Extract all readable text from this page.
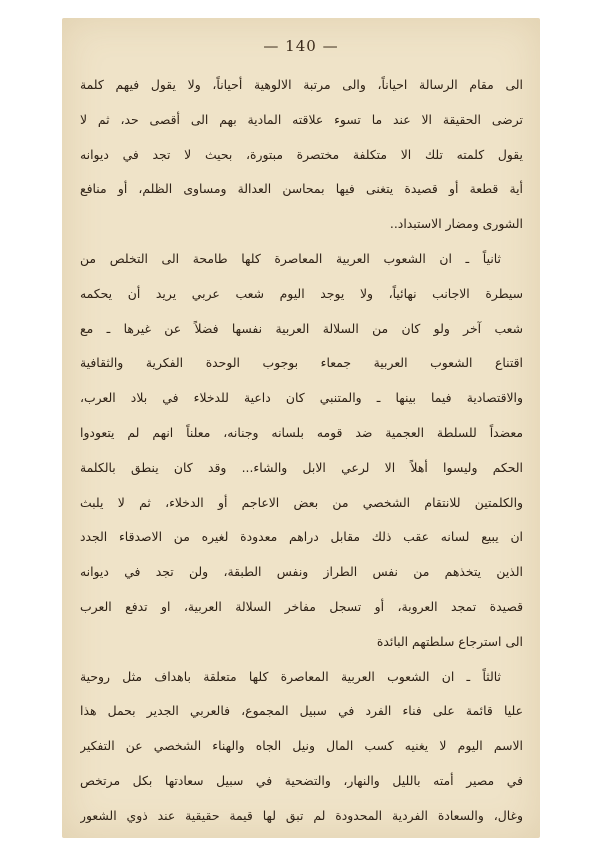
— 140 —
الى مقام الرسالة احياناً، والى مرتبة الالوهية أحياناً، ولا يقول فيهم كلمة
ترضى الحقيقة الا عند ما تسوء علاقته المادية بهم الى أقصى حد، ثم لا
يقول كلمته تلك الا متكلفة مختصرة مبتورة، بحيث لا تجد في ديوانه
أية قطعة أو قصيدة يتغنى فيها بمحاسن العدالة ومساوى الظلم، أو منافع
الشورى ومضار الاستبداد..
ثانياً ـ ان الشعوب العربية المعاصرة كلها طامحة الى التخلص من
سيطرة الاجانب نهائياً، ولا يوجد اليوم شعب عربي يريد أن يحكمه
شعب آخر ولو كان من السلالة العربية نفسها فضلاً عن غيرها ـ مع
اقتناع الشعوب العربية جمعاء بوجوب الوحدة الفكرية والثقافية
والاقتصادية فيما بينها ـ والمتنبي كان داعية للدخلاء في بلاد العرب،
معضداً للسلطة العجمية ضد قومه بلسانه وجنانه، معلناً انهم لم يتعودوا
الحكم وليسوا أهلاً الا لرعي الابل والشاء... وقد كان ينطق بالكلمة
والكلمتين للانتقام الشخصي من بعض الاعاجم أو الدخلاء، ثم لا يلبث
ان يبيع لسانه عقب ذلك مقابل دراهم معدودة لغيره من الاصدقاء الجدد
الذين يتخذهم من نفس الطراز ونفس الطبقة، ولن تجد في ديوانه
قصيدة تمجد العروبة، أو تسجل مفاخر السلالة العربية، او تدفع العرب
الى استرجاع سلطتهم البائدة
ثالثاً ـ ان الشعوب العربية المعاصرة كلها متعلقة باهداف مثل روحية
عليا قائمة على فناء الفرد في سبيل المجموع، فالعربي الجدير بحمل هذا
الاسم اليوم لا يغنيه كسب المال ونيل الجاه والهناء الشخصي عن التفكير
في مصير أمته بالليل والنهار، والتضحية في سبيل سعادتها بكل مرتخص
وغال، والسعادة الفردية المحدودة لم تبق لها قيمة حقيقية عند ذوي الشعور
